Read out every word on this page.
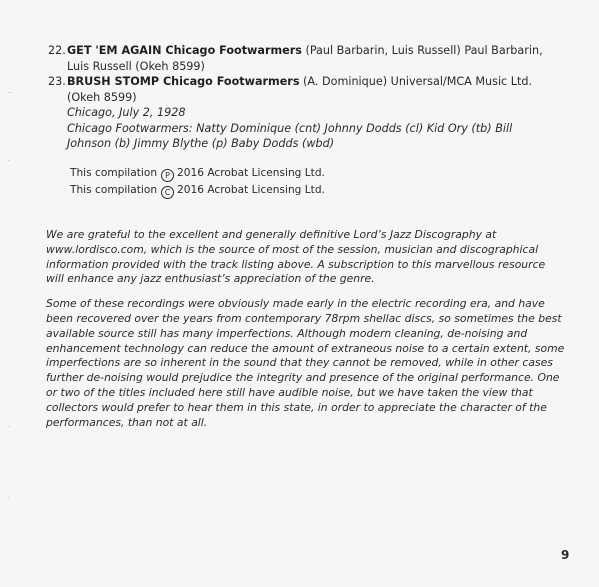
··
·
·
·
22. GET 'EM AGAIN Chicago Footwarmers (Paul Barbarin, Luis Russell) Paul Barbarin,
Luis Russell (Okeh 8599)
23. BRUSH STOMP Chicago Footwarmers (A. Dominique) Universal/MCA Music Ltd.
(Okeh 8599)
Chicago, July 2, 1928
Chicago Footwarmers: Natty Dominique (cnt) Johnny Dodds (cl) Kid Ory (tb) Bill
Johnson (b) Jimmy Blythe (p) Baby Dodds (wbd)
This compilation P 2016 Acrobat Licensing Ltd.
This compilation C 2016 Acrobat Licensing Ltd.

We are grateful to the excellent and generally definitive Lord’s Jazz Discography at www.lordisco.com, which is the source of most of the session, musician and discographical information provided with the track listing above. A subscription to this marvellous resource will enhance any jazz enthusiast’s appreciation of the genre.

Some of these recordings were obviously made early in the electric recording era, and have been recovered over the years from contemporary 78rpm shellac discs, so sometimes the best available source still has many imperfections. Although modern cleaning, de-noising and enhancement technology can reduce the amount of extraneous noise to a certain extent, some imperfections are so inherent in the sound that they cannot be removed, while in other cases further de-noising would prejudice the integrity and presence of the original performance. One or two of the titles included here still have audible noise, but we have taken the view that collectors would prefer to hear them in this state, in order to appreciate the character of the performances, than not at all.

9
